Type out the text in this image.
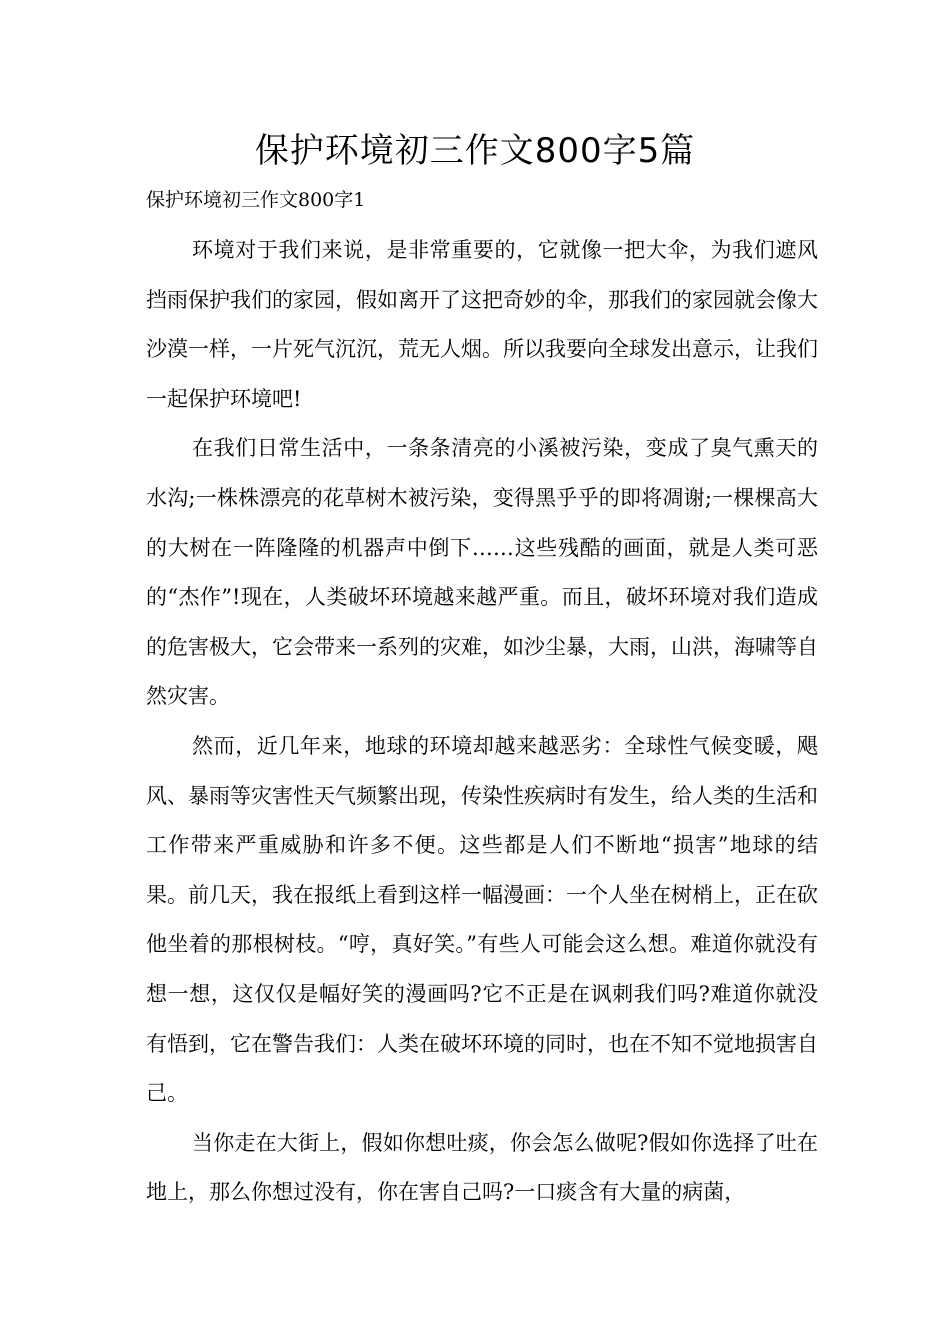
保护环境初三作文800字5篇

保护环境初三作文800字1

环境对于我们来说，是非常重要的，它就像一把大伞，为我们遮风挡雨保护我们的家园，假如离开了这把奇妙的伞，那我们的家园就会像大沙漠一样，一片死气沉沉，荒无人烟。所以我要向全球发出意示，让我们一起保护环境吧!

在我们日常生活中，一条条清亮的小溪被污染，变成了臭气熏天的水沟;一株株漂亮的花草树木被污染，变得黑乎乎的即将凋谢;一棵棵高大的大树在一阵隆隆的机器声中倒下……这些残酷的画面，就是人类可恶的“杰作”!现在，人类破坏环境越来越严重。而且，破坏环境对我们造成的危害极大，它会带来一系列的灾难，如沙尘暴，大雨，山洪，海啸等自然灾害。

然而，近几年来，地球的环境却越来越恶劣：全球性气候变暖，飓风、暴雨等灾害性天气频繁出现，传染性疾病时有发生，给人类的生活和工作带来严重威胁和许多不便。这些都是人们不断地“损害”地球的结果。前几天，我在报纸上看到这样一幅漫画：一个人坐在树梢上，正在砍他坐着的那根树枝。“哼，真好笑。”有些人可能会这么想。难道你就没有想一想，这仅仅是幅好笑的漫画吗?它不正是在讽刺我们吗?难道你就没有悟到，它在警告我们：人类在破坏环境的同时，也在不知不觉地损害自己。

当你走在大街上，假如你想吐痰，你会怎么做呢?假如你选择了吐在地上，那么你想过没有，你在害自己吗?一口痰含有大量的病菌，
